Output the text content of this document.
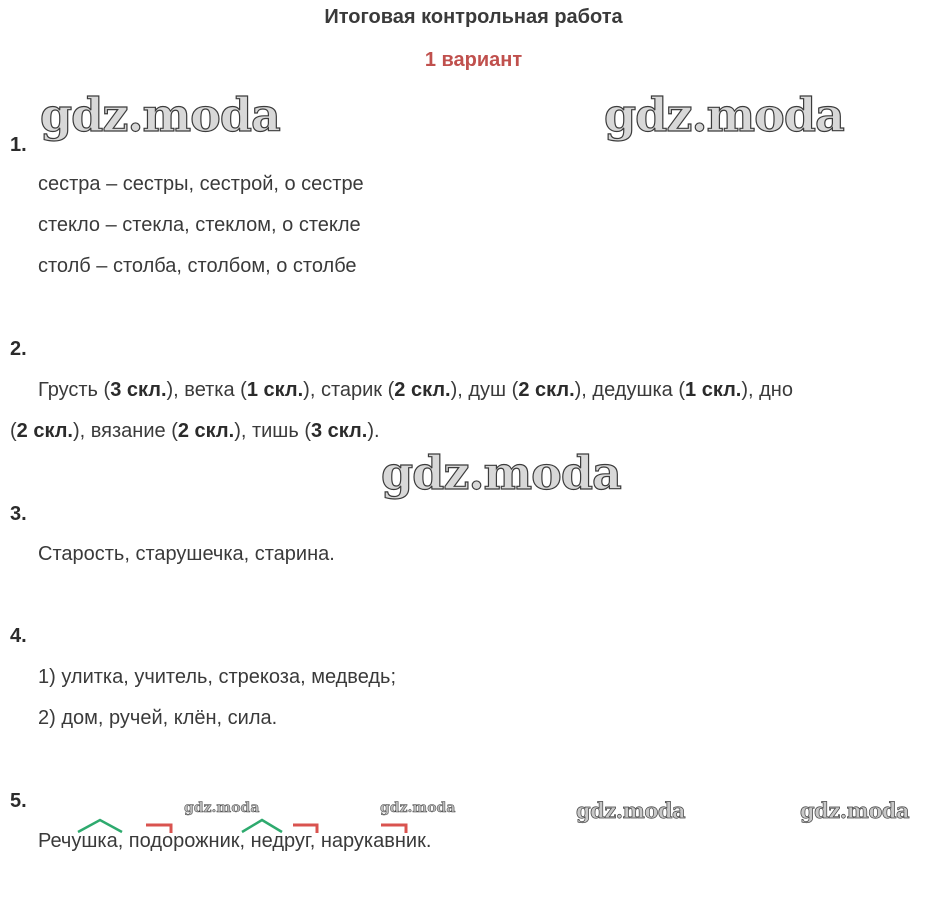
Итоговая контрольная работа
1 вариант
gdz.moda	gdz.moda
gdz.moda
gdz.moda	gdz.moda	gdz.moda	gdz.moda
1.
сестра – сестры, сестрой, о сестре
стекло – стекла, стеклом, о стекле
столб – столба, столбом, о столбе
2.
Грусть (3 скл.), ветка (1 скл.), старик (2 скл.), душ (2 скл.), дедушка (1 скл.), дно
(2 скл.), вязание (2 скл.), тишь (3 скл.).
3.
Старость, старушечка, старина.
4.
1) улитка, учитель, стрекоза, медведь;
2) дом, ручей, клён, сила.
5.
Речушка, подорожник, недруг, нарукавник.
